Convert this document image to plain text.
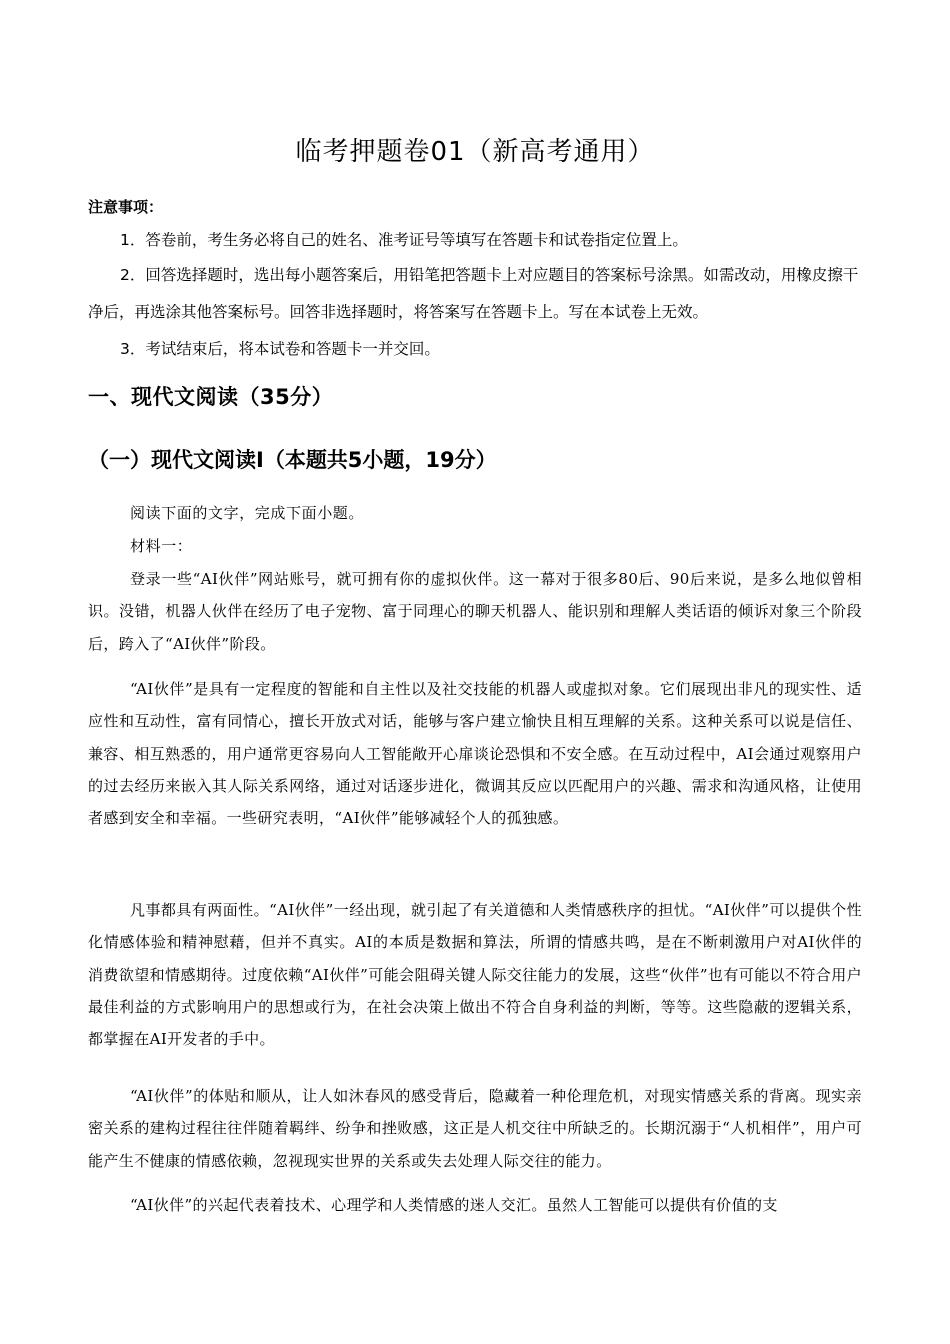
临考押题卷01（新高考通用）
注意事项：
1．答卷前，考生务必将自己的姓名、准考证号等填写在答题卡和试卷指定位置上。
2．回答选择题时，选出每小题答案后，用铅笔把答题卡上对应题目的答案标号涂黑。如需改动，用橡皮擦干净后，再选涂其他答案标号。回答非选择题时，将答案写在答题卡上。写在本试卷上无效。
3．考试结束后，将本试卷和答题卡一并交回。
一、现代文阅读（35分）
（一）现代文阅读Ⅰ（本题共5小题，19分）
阅读下面的文字，完成下面小题。
材料一：
登录一些“AI伙伴”网站账号，就可拥有你的虚拟伙伴。这一幕对于很多80后、90后来说，是多么地似曾相识。没错，机器人伙伴在经历了电子宠物、富于同理心的聊天机器人、能识别和理解人类话语的倾诉对象三个阶段后，跨入了“AI伙伴”阶段。
“AI伙伴”是具有一定程度的智能和自主性以及社交技能的机器人或虚拟对象。它们展现出非凡的现实性、适应性和互动性，富有同情心，擅长开放式对话，能够与客户建立愉快且相互理解的关系。这种关系可以说是信任、兼容、相互熟悉的，用户通常更容易向人工智能敞开心扉谈论恐惧和不安全感。在互动过程中，AI会通过观察用户的过去经历来嵌入其人际关系网络，通过对话逐步进化，微调其反应以匹配用户的兴趣、需求和沟通风格，让使用者感到安全和幸福。一些研究表明，“AI伙伴”能够减轻个人的孤独感。
凡事都具有两面性。“AI伙伴”一经出现，就引起了有关道德和人类情感秩序的担忧。“AI伙伴”可以提供个性化情感体验和精神慰藉，但并不真实。AI的本质是数据和算法，所谓的情感共鸣，是在不断刺激用户对AI伙伴的消费欲望和情感期待。过度依赖“AI伙伴”可能会阻碍关键人际交往能力的发展，这些“伙伴”也有可能以不符合用户最佳利益的方式影响用户的思想或行为，在社会决策上做出不符合自身利益的判断，等等。这些隐蔽的逻辑关系，都掌握在AI开发者的手中。
“AI伙伴”的体贴和顺从，让人如沐春风的感受背后，隐藏着一种伦理危机，对现实情感关系的背离。现实亲密关系的建构过程往往伴随着羁绊、纷争和挫败感，这正是人机交往中所缺乏的。长期沉溺于“人机相伴”，用户可能产生不健康的情感依赖，忽视现实世界的关系或失去处理人际交往的能力。
“AI伙伴”的兴起代表着技术、心理学和人类情感的迷人交汇。虽然人工智能可以提供有价值的支
